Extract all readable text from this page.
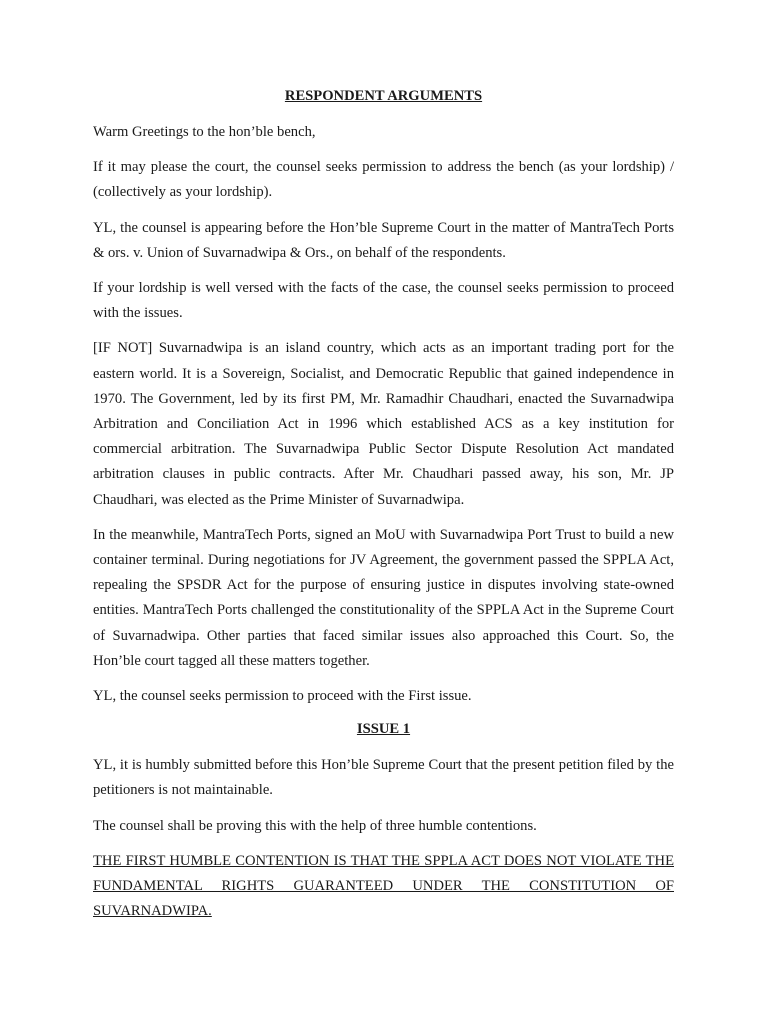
RESPONDENT ARGUMENTS

Warm Greetings to the hon’ble bench,

If it may please the court, the counsel seeks permission to address the bench (as your lordship) / (collectively as your lordship).

YL, the counsel is appearing before the Hon’ble Supreme Court in the matter of MantraTech Ports & ors. v. Union of Suvarnadwipa & Ors., on behalf of the respondents.

If your lordship is well versed with the facts of the case, the counsel seeks permission to proceed with the issues.

[IF NOT] Suvarnadwipa is an island country, which acts as an important trading port for the eastern world. It is a Sovereign, Socialist, and Democratic Republic that gained independence in 1970. The Government, led by its first PM, Mr. Ramadhir Chaudhari, enacted the Suvarnadwipa Arbitration and Conciliation Act in 1996 which established ACS as a key institution for commercial arbitration. The Suvarnadwipa Public Sector Dispute Resolution Act mandated arbitration clauses in public contracts. After Mr. Chaudhari passed away, his son, Mr. JP Chaudhari, was elected as the Prime Minister of Suvarnadwipa.

In the meanwhile, MantraTech Ports, signed an MoU with Suvarnadwipa Port Trust to build a new container terminal. During negotiations for JV Agreement, the government passed the SPPLA Act, repealing the SPSDR Act for the purpose of ensuring justice in disputes involving state-owned entities. MantraTech Ports challenged the constitutionality of the SPPLA Act in the Supreme Court of Suvarnadwipa. Other parties that faced similar issues also approached this Court. So, the Hon’ble court tagged all these matters together.

YL, the counsel seeks permission to proceed with the First issue.

ISSUE 1

YL, it is humbly submitted before this Hon’ble Supreme Court that the present petition filed by the petitioners is not maintainable.

The counsel shall be proving this with the help of three humble contentions.

THE FIRST HUMBLE CONTENTION IS THAT THE SPPLA ACT DOES NOT VIOLATE THE FUNDAMENTAL RIGHTS GUARANTEED UNDER THE CONSTITUTION OF SUVARNADWIPA.
